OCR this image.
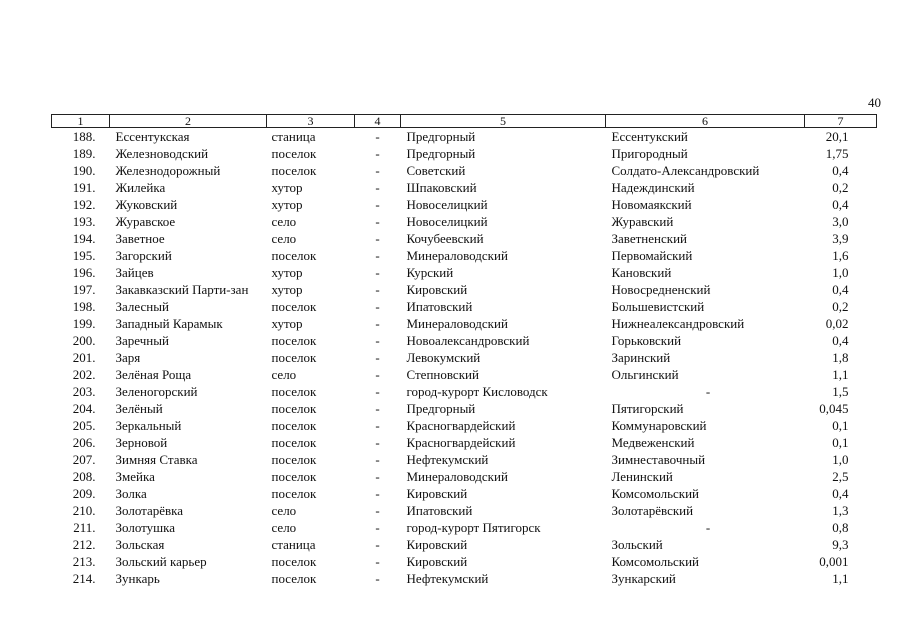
40
1	2	3	4	5	6	7
188.	Ессентукская	станица	-	Предгорный	Ессентукский	20,1
189.	Железноводский	поселок	-	Предгорный	Пригородный	1,75
190.	Железнодорожный	поселок	-	Советский	Солдато-Александровский	0,4
191.	Жилейка	хутор	-	Шпаковский	Надеждинский	0,2
192.	Жуковский	хутор	-	Новоселицкий	Новомаякский	0,4
193.	Журавское	село	-	Новоселицкий	Журавский	3,0
194.	Заветное	село	-	Кочубеевский	Заветненский	3,9
195.	Загорский	поселок	-	Минераловодский	Первомайский	1,6
196.	Зайцев	хутор	-	Курский	Кановский	1,0
197.	Закавказский Парти-зан	хутор	-	Кировский	Новосредненский	0,4
198.	Залесный	поселок	-	Ипатовский	Большевистский	0,2
199.	Западный Карамык	хутор	-	Минераловодский	Нижнеалександровский	0,02
200.	Заречный	поселок	-	Новоалександровский	Горьковский	0,4
201.	Заря	поселок	-	Левокумский	Заринский	1,8
202.	Зелёная Роща	село	-	Степновский	Ольгинский	1,1
203.	Зеленогорский	поселок	-	город-курорт Кисловодск	-	1,5
204.	Зелёный	поселок	-	Предгорный	Пятигорский	0,045
205.	Зеркальный	поселок	-	Красногвардейский	Коммунаровский	0,1
206.	Зерновой	поселок	-	Красногвардейский	Медвеженский	0,1
207.	Зимняя Ставка	поселок	-	Нефтекумский	Зимнеставочный	1,0
208.	Змейка	поселок	-	Минераловодский	Ленинский	2,5
209.	Золка	поселок	-	Кировский	Комсомольский	0,4
210.	Золотарёвка	село	-	Ипатовский	Золотарёвский	1,3
211.	Золотушка	село	-	город-курорт Пятигорск	-	0,8
212.	Зольская	станица	-	Кировский	Зольский	9,3
213.	Зольский карьер	поселок	-	Кировский	Комсомольский	0,001
214.	Зункарь	поселок	-	Нефтекумский	Зункарский	1,1
